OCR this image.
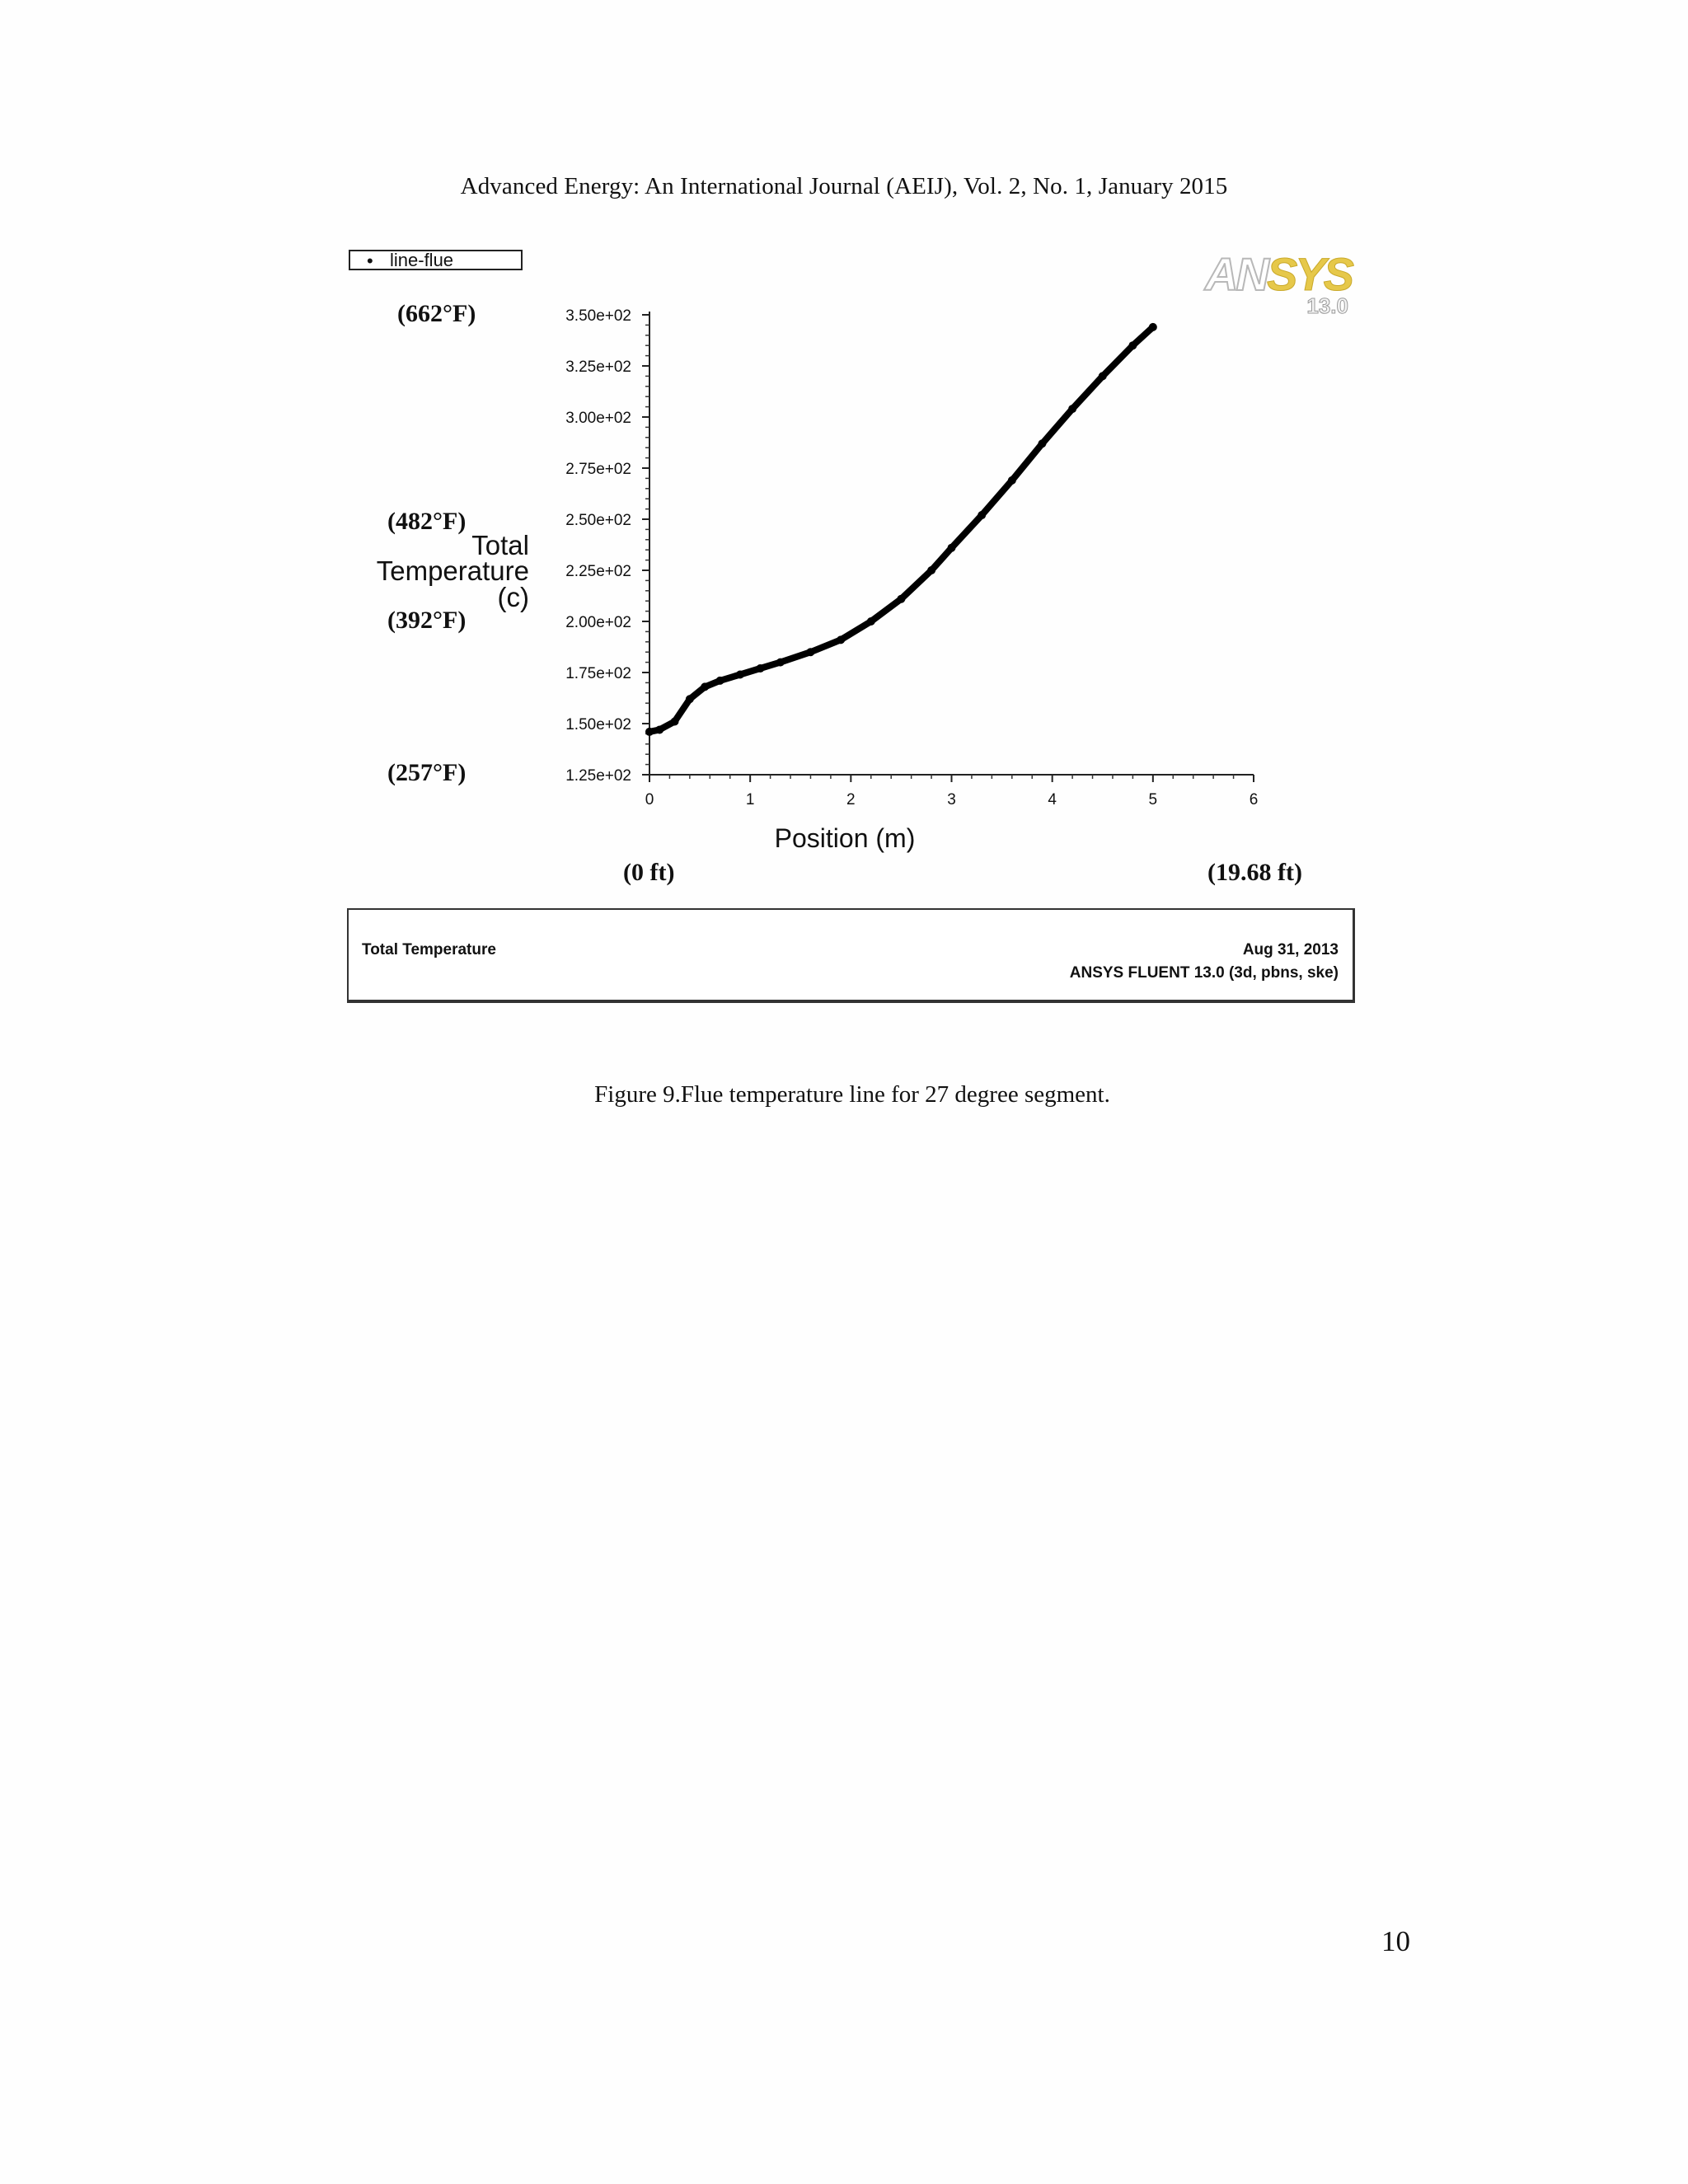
Advanced Energy: An International Journal (AEIJ), Vol. 2, No. 1, January 2015
• line-flue	ANSYS
13.0
(662°F)
(482°F)
(392°F)
(257°F)
Total
Temperature
(c)
Position (m)
(0 ft)	(19.68 ft)
1.25e+02
1.50e+02
1.75e+02
2.00e+02
2.25e+02
2.50e+02
2.75e+02
3.00e+02
3.25e+02
3.50e+02
0	1	2	3	4	5	6
Total Temperature	Aug 31, 2013
ANSYS FLUENT 13.0 (3d, pbns, ske)
Figure 9.Flue temperature line for 27 degree segment.
10
